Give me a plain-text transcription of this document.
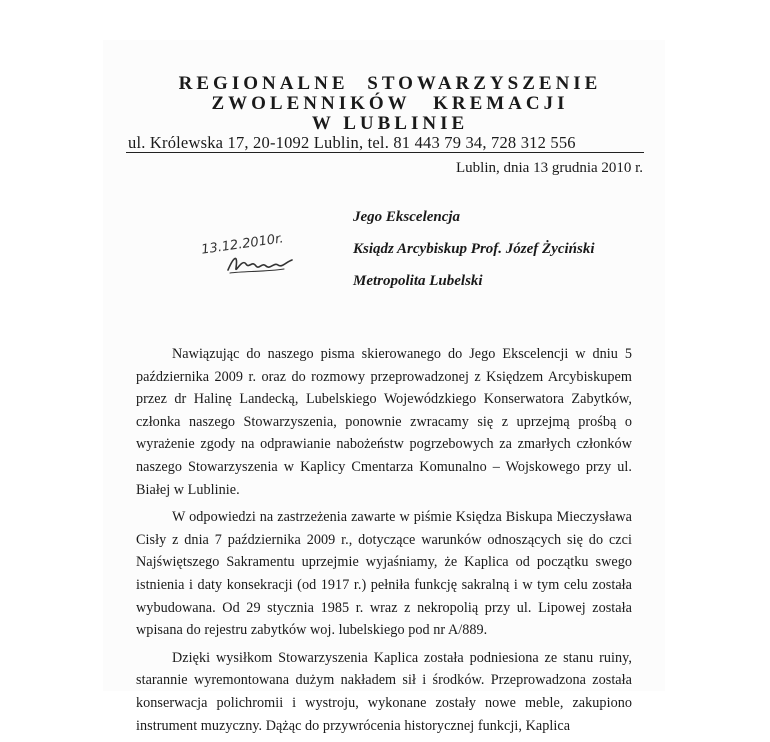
REGIONALNE STOWARZYSZENIE
ZWOLENNIKÓW KREMACJI
W LUBLINIE
ul. Królewska 17, 20-1092 Lublin, tel. 81 443 79 34, 728 312 556
Lublin, dnia 13 grudnia 2010 r.
Jego Ekscelencja
Ksiądz Arcybiskup Prof. Józef Życiński
Metropolita Lubelski
13.12.2010r.

Nawiązując do naszego pisma skierowanego do Jego Ekscelencji w dniu 5 października 2009 r. oraz do rozmowy przeprowadzonej z Księdzem Arcybiskupem przez dr Halinę Landecką, Lubelskiego Wojewódzkiego Konserwatora Zabytków, członka naszego Stowarzyszenia, ponownie zwracamy się z uprzejmą prośbą o wyrażenie zgody na odprawianie nabożeństw pogrzebowych za zmarłych członków naszego Stowarzyszenia w Kaplicy Cmentarza Komunalno – Wojskowego przy ul. Białej w Lublinie.

W odpowiedzi na zastrzeżenia zawarte w piśmie Księdza Biskupa Mieczysława Cisły z dnia 7 października 2009 r., dotyczące warunków odnoszących się do czci Najświętszego Sakramentu uprzejmie wyjaśniamy, że Kaplica od początku swego istnienia i daty konsekracji (od 1917 r.) pełniła funkcję sakralną i w tym celu została wybudowana. Od 29 stycznia 1985 r. wraz z nekropolią przy ul. Lipowej została wpisana do rejestru zabytków woj. lubelskiego pod nr A/889.

Dzięki wysiłkom Stowarzyszenia Kaplica została podniesiona ze stanu ruiny, starannie wyremontowana dużym nakładem sił i środków. Przeprowadzona została konserwacja polichromii i wystroju, wykonane zostały nowe meble, zakupiono instrument muzyczny. Dążąc do przywrócenia historycznej funkcji, Kaplica
